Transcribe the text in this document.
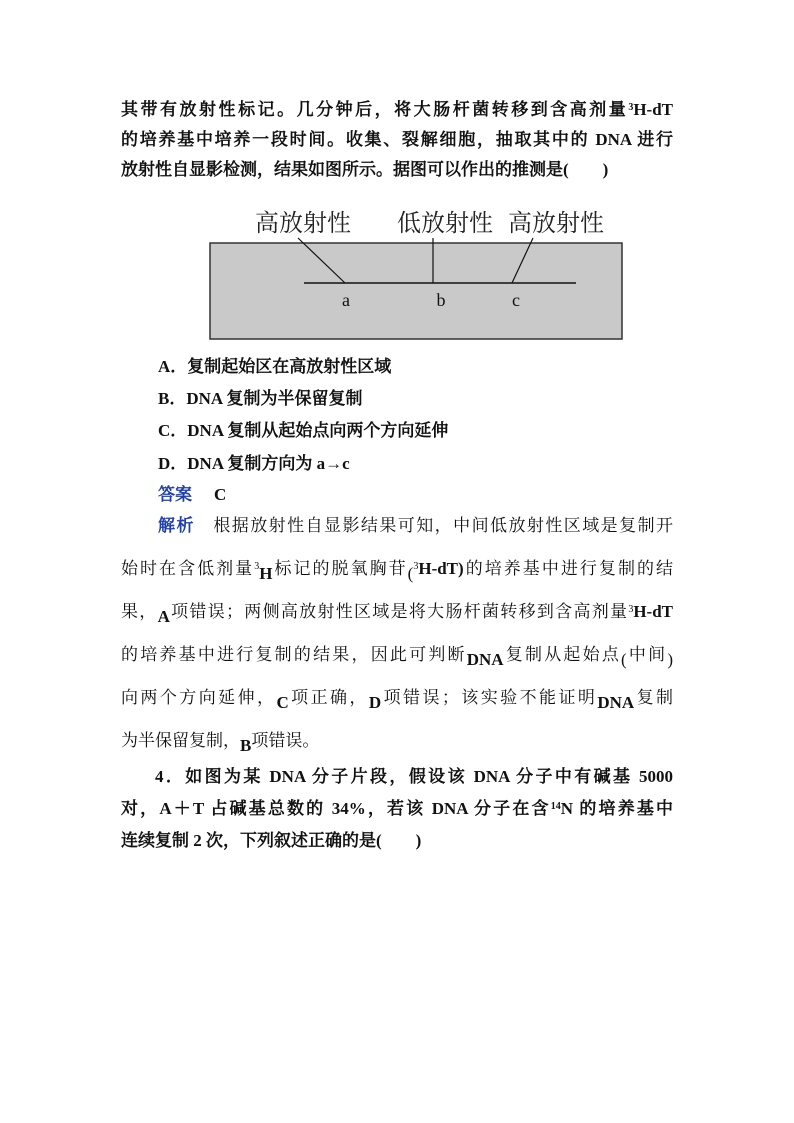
其带有放射性标记。几分钟后，将大肠杆菌转移到含高剂量$^3$H-dT
的培养基中培养一段时间。收集、裂解细胞，抽取其中的 DNA 进行
放射性自显影检测，结果如图所示。据图可以作出的推测是(　　)
高放射性 低放射性 高放射性
a	b	c
A．复制起始区在高放射性区域
B．DNA 复制为半保留复制
C．DNA 复制从起始点向两个方向延伸
D．DNA 复制方向为 a→c
答案 C
解析　 根据放射性自显影结果可知，中间低放射性区域是复制开
始时在含低剂量$^3$H标记的脱氧胸苷($^3$H-dT)的培养基中进行复制的结
果，A项错误；两侧高放射性区域是将大肠杆菌转移到含高剂量$^3$H-dT
的培养基中进行复制的结果，因此可判断DNA复制从起始点(中间)
向两个方向延伸，C项正确，D项错误；该实验不能证明DNA复制
为半保留复制，B项错误。
4．如图为某 DNA 分子片段，假设该 DNA 分子中有碱基 5000
对，A＋T 占碱基总数的 34%，若该 DNA 分子在含$^{14}$N 的培养基中
连续复制 2 次，下列叙述正确的是(　　)
